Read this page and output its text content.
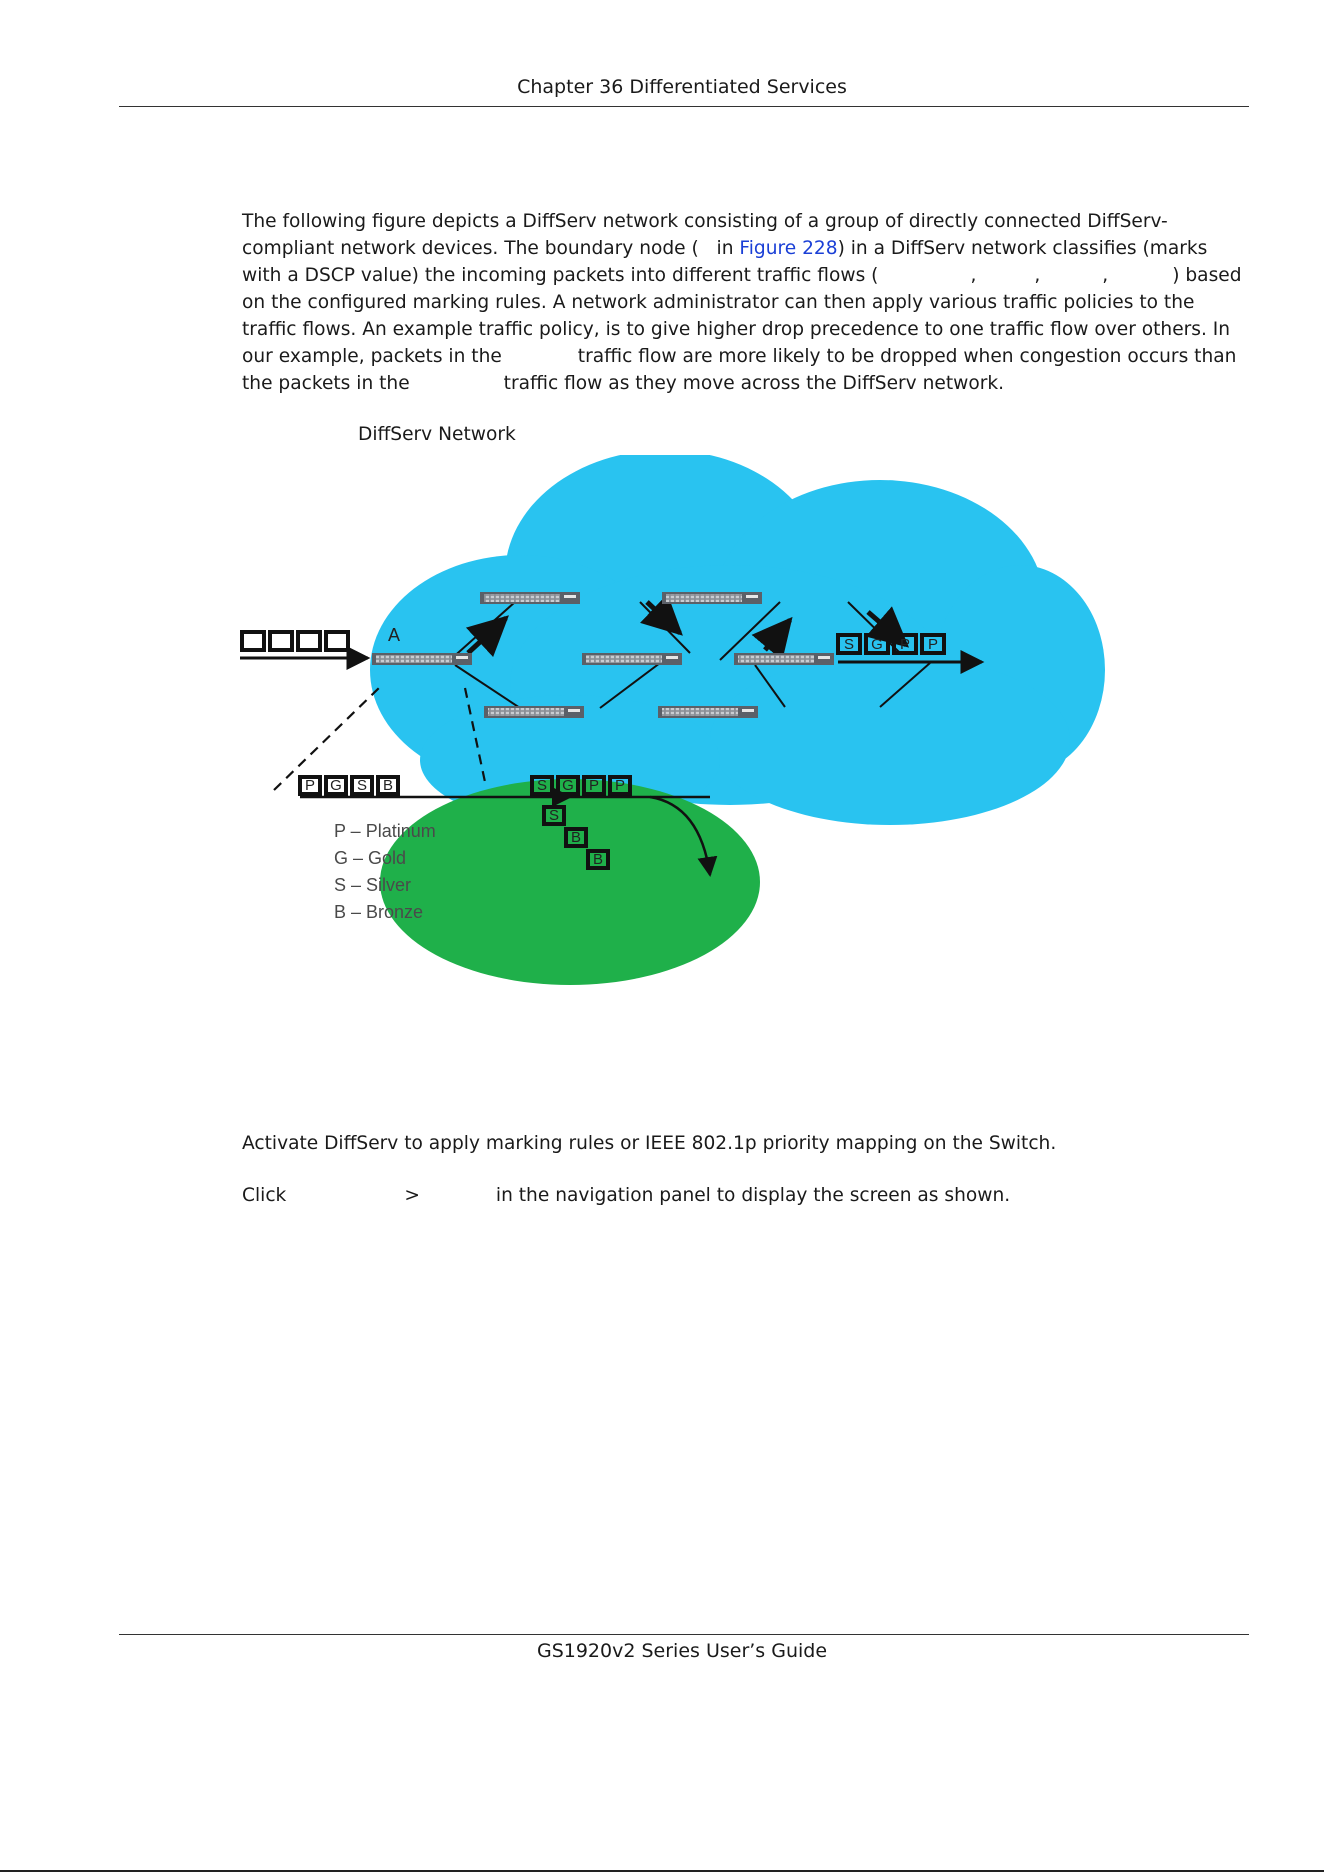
Chapter 36 Differentiated Services

The following figure depicts a DiffServ network consisting of a group of directly connected DiffServ-compliant network devices. The boundary node ( in Figure 228) in a DiffServ network classifies (marks with a DSCP value) the incoming packets into different traffic flows (	,	,	,	) based on the configured marking rules. A network administrator can then apply various traffic policies to the traffic flows. An example traffic policy, is to give higher drop precedence to one traffic flow over others. In our example, packets in the	traffic flow are more likely to be dropped when congestion occurs than the packets in the	traffic flow as they move across the DiffServ network.

DiffServ Network
A	S G P P
P G S B	S G P P
S
B
B
P – Platinum
G – Gold
S – Silver
B – Bronze

Activate DiffServ to apply marking rules or IEEE 802.1p priority mapping on the Switch.

Click	>	in the navigation panel to display the screen as shown.

GS1920v2 Series User’s Guide
